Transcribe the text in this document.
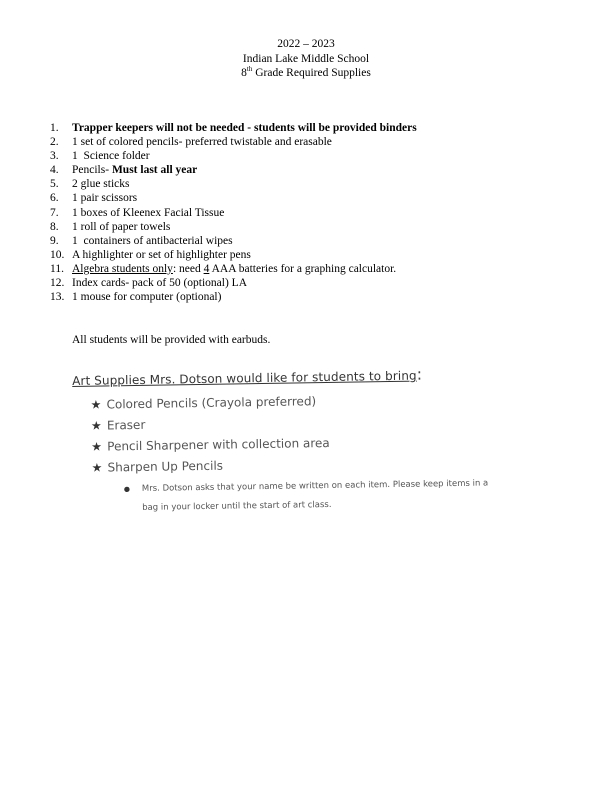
2022 – 2023
Indian Lake Middle School
8th Grade Required Supplies
1.	Trapper keepers will not be needed - students will be provided binders
2.	1 set of colored pencils- preferred twistable and erasable
3.	1  Science folder
4.	Pencils- Must last all year
5.	2 glue sticks
6.	1 pair scissors
7.	1 boxes of Kleenex Facial Tissue
8.	1 roll of paper towels
9.	1  containers of antibacterial wipes
10. A highlighter or set of highlighter pens
11. Algebra students only : need 4 AAA batteries for a graphing calculator.
12. Index cards- pack of 50 (optional) LA
13. 1 mouse for computer (optional)
All students will be provided with earbuds.
Art Supplies Mrs. Dotson would like for students to bring:
★ Colored Pencils (Crayola preferred)
★ Eraser
★ Pencil Sharpener with collection area
★ Sharpen Up Pencils
●	Mrs. Dotson asks that your name be written on each item. Please keep items in a bag in your locker until the start of art class.
